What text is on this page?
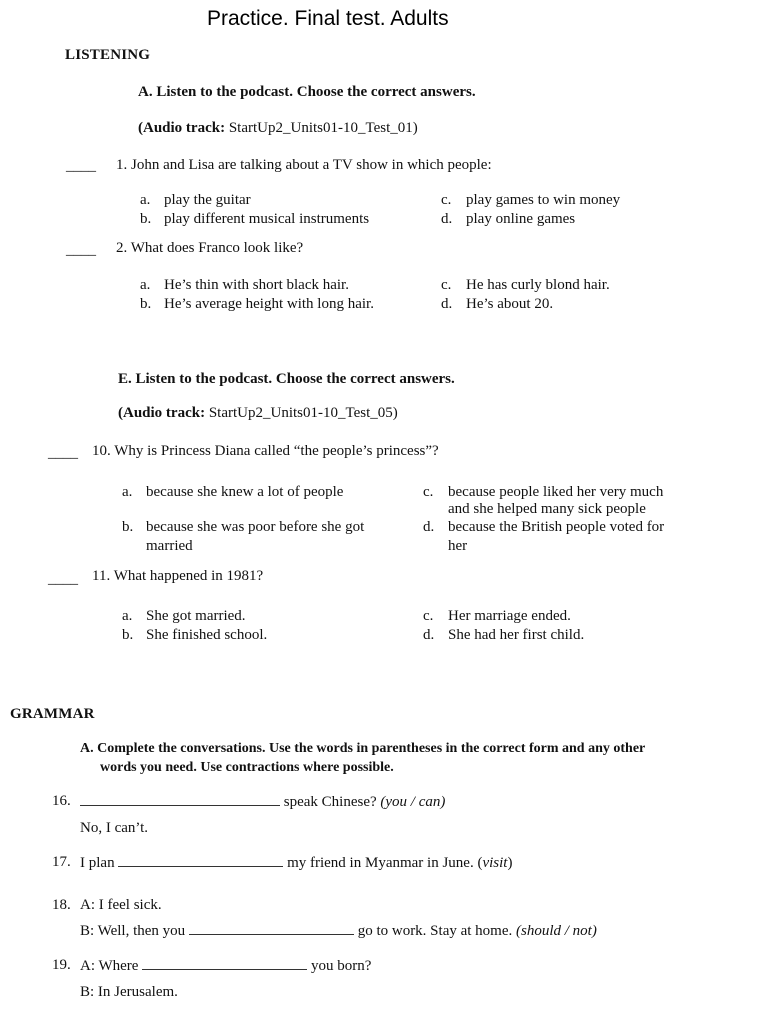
Practice. Final test. Adults
LISTENING
A. Listen to the podcast. Choose the correct answers.
(Audio track: StartUp2_Units01-10_Test_01)
____ 1. John and Lisa are talking about a TV show in which people:
a. play the guitar
b. play different musical instruments
c. play games to win money
d. play online games
____ 2. What does Franco look like?
a. He’s thin with short black hair.
b. He’s average height with long hair.
c. He has curly blond hair.
d. He’s about 20.
E. Listen to the podcast. Choose the correct answers.
(Audio track: StartUp2_Units01-10_Test_05)
____ 10. Why is Princess Diana called “the people’s princess”?
a. because she knew a lot of people
b. because she was poor before she got
married
c. because people liked her very much
and she helped many sick people
d. because the British people voted for
her
____ 11. What happened in 1981?
a. She got married.
b. She finished school.
c. Her marriage ended.
d. She had her first child.
GRAMMAR
A. Complete the conversations. Use the words in parentheses in the correct form and any other
words you need. Use contractions where possible.
16.	speak Chinese? (you / can)
No, I can’t.
17. I plan	my friend in Myanmar in June. (visit)
18. A: I feel sick.
B: Well, then you	go to work. Stay at home. (should / not)
19. A: Where	you born?
B: In Jerusalem.
